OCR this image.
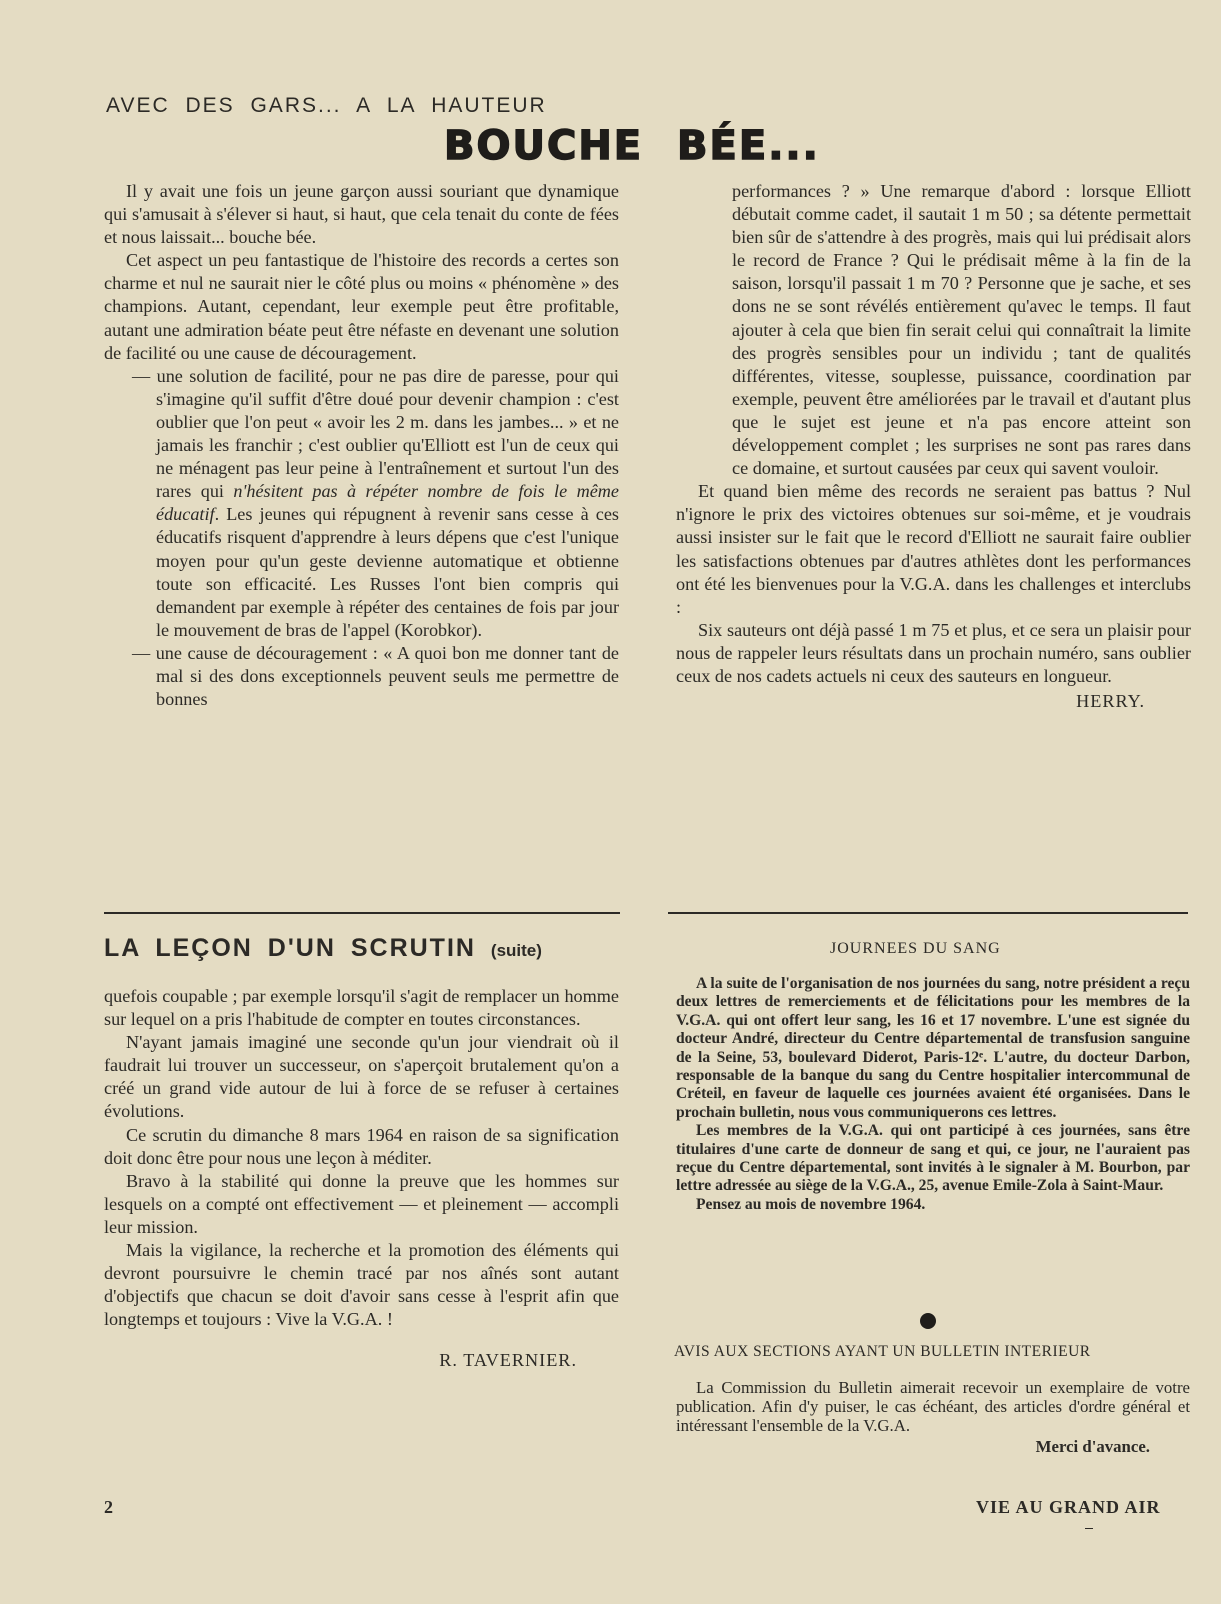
AVEC DES GARS... A LA HAUTEUR
BOUCHE BÉE...

Il y avait une fois un jeune garçon aussi souriant que dynamique qui s'amusait à s'élever si haut, si haut, que cela tenait du conte de fées et nous laissait... bouche bée.

Cet aspect un peu fantastique de l'histoire des records a certes son charme et nul ne saurait nier le côté plus ou moins « phénomène » des champions. Autant, cependant, leur exemple peut être profitable, autant une admiration béate peut être néfaste en devenant une solution de facilité ou une cause de découragement.

— une solution de facilité, pour ne pas dire de paresse, pour qui s'imagine qu'il suffit d'être doué pour devenir champion : c'est oublier que l'on peut « avoir les 2 m. dans les jambes... » et ne jamais les franchir ; c'est oublier qu'Elliott est l'un de ceux qui ne ménagent pas leur peine à l'entraînement et surtout l'un des rares qui n'hésitent pas à répéter nombre de fois le même éducatif. Les jeunes qui répugnent à revenir sans cesse à ces éducatifs risquent d'apprendre à leurs dépens que c'est l'unique moyen pour qu'un geste devienne automatique et obtienne toute son efficacité. Les Russes l'ont bien compris qui demandent par exemple à répéter des centaines de fois par jour le mouvement de bras de l'appel (Korobkor).

— une cause de découragement : « A quoi bon me donner tant de mal si des dons exceptionnels peuvent seuls me permettre de bonnes

performances ? » Une remarque d'abord : lorsque Elliott débutait comme cadet, il sautait 1 m 50 ; sa détente permettait bien sûr de s'attendre à des progrès, mais qui lui prédisait alors le record de France ? Qui le prédisait même à la fin de la saison, lorsqu'il passait 1 m 70 ? Personne que je sache, et ses dons ne se sont révélés entièrement qu'avec le temps. Il faut ajouter à cela que bien fin serait celui qui connaîtrait la limite des progrès sensibles pour un individu ; tant de qualités différentes, vitesse, souplesse, puissance, coordination par exemple, peuvent être améliorées par le travail et d'autant plus que le sujet est jeune et n'a pas encore atteint son développement complet ; les surprises ne sont pas rares dans ce domaine, et surtout causées par ceux qui savent vouloir.

Et quand bien même des records ne seraient pas battus ? Nul n'ignore le prix des victoires obtenues sur soi-même, et je voudrais aussi insister sur le fait que le record d'Elliott ne saurait faire oublier les satisfactions obtenues par d'autres athlètes dont les performances ont été les bienvenues pour la V.G.A. dans les challenges et interclubs :

Six sauteurs ont déjà passé 1 m 75 et plus, et ce sera un plaisir pour nous de rappeler leurs résultats dans un prochain numéro, sans oublier ceux de nos cadets actuels ni ceux des sauteurs en longueur.

HERRY.

LA LEÇON D'UN SCRUTIN (suite)

quefois coupable ; par exemple lorsqu'il s'agit de remplacer un homme sur lequel on a pris l'habitude de compter en toutes circonstances.

N'ayant jamais imaginé une seconde qu'un jour viendrait où il faudrait lui trouver un successeur, on s'aperçoit brutalement qu'on a créé un grand vide autour de lui à force de se refuser à certaines évolutions.

Ce scrutin du dimanche 8 mars 1964 en raison de sa signification doit donc être pour nous une leçon à méditer.

Bravo à la stabilité qui donne la preuve que les hommes sur lesquels on a compté ont effectivement — et pleinement — accompli leur mission.

Mais la vigilance, la recherche et la promotion des éléments qui devront poursuivre le chemin tracé par nos aînés sont autant d'objectifs que chacun se doit d'avoir sans cesse à l'esprit afin que longtemps et toujours : Vive la V.G.A. !

R. TAVERNIER.

JOURNEES DU SANG

A la suite de l'organisation de nos journées du sang, notre président a reçu deux lettres de remerciements et de félicitations pour les membres de la V.G.A. qui ont offert leur sang, les 16 et 17 novembre. L'une est signée du docteur André, directeur du Centre départemental de transfusion sanguine de la Seine, 53, boulevard Diderot, Paris-12ᵉ. L'autre, du docteur Darbon, responsable de la banque du sang du Centre hospitalier intercommunal de Créteil, en faveur de laquelle ces journées avaient été organisées. Dans le prochain bulletin, nous vous communiquerons ces lettres.

Les membres de la V.G.A. qui ont participé à ces journées, sans être titulaires d'une carte de donneur de sang et qui, ce jour, ne l'auraient pas reçue du Centre départemental, sont invités à le signaler à M. Bourbon, par lettre adressée au siège de la V.G.A., 25, avenue Emile-Zola à Saint-Maur.

Pensez au mois de novembre 1964.

AVIS AUX SECTIONS AYANT UN BULLETIN INTERIEUR

La Commission du Bulletin aimerait recevoir un exemplaire de votre publication. Afin d'y puiser, le cas échéant, des articles d'ordre général et intéressant l'ensemble de la V.G.A.

Merci d'avance.

2	VIE AU GRAND AIR
